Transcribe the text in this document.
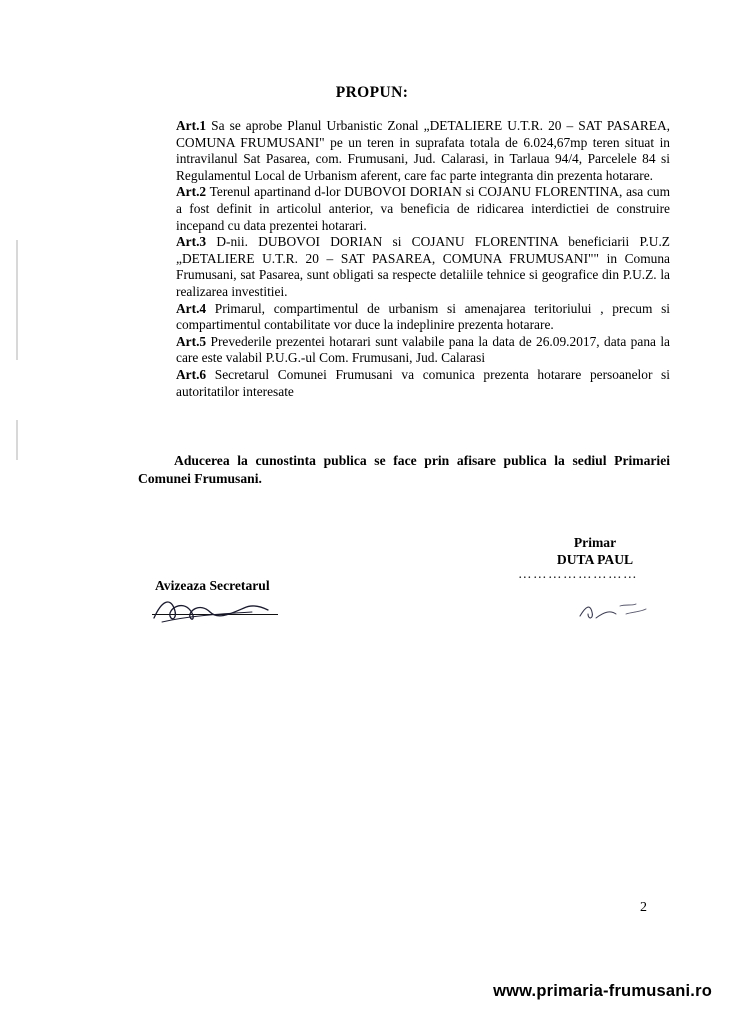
PROPUN:

Art.1 Sa se aprobe Planul Urbanistic Zonal „DETALIERE U.T.R. 20 – SAT PASAREA, COMUNA FRUMUSANI" pe un teren in suprafata totala de 6.024,67mp teren situat in intravilanul Sat Pasarea, com. Frumusani, Jud. Calarasi, in Tarlaua 94/4, Parcelele 84 si Regulamentul Local de Urbanism aferent, care fac parte integranta din prezenta hotarare.

Art.2 Terenul apartinand d-lor DUBOVOI DORIAN si COJANU FLORENTINA, asa cum a fost definit in articolul anterior, va beneficia de ridicarea interdictiei de construire incepand cu data prezentei hotarari.

Art.3 D-nii. DUBOVOI DORIAN si COJANU FLORENTINA beneficiarii P.U.Z „DETALIERE U.T.R. 20 – SAT PASAREA, COMUNA FRUMUSANI"" in Comuna Frumusani, sat Pasarea, sunt obligati sa respecte detaliile tehnice si geografice din P.U.Z. la realizarea investitiei.

Art.4 Primarul, compartimentul de urbanism si amenajarea teritoriului , precum si compartimentul contabilitate vor duce la indeplinire prezenta hotarare.

Art.5 Prevederile prezentei hotarari sunt valabile pana la data de 26.09.2017, data pana la care este valabil P.U.G.-ul Com. Frumusani, Jud. Calarasi

Art.6 Secretarul Comunei Frumusani va comunica prezenta hotarare persoanelor si autoritatilor interesate

Aducerea la cunostinta publica se face prin afisare publica la sediul Primariei Comunei Frumusani.
Primar
DUTA PAUL
……………………
Avizeaza Secretarul
2
www.primaria-frumusani.ro
